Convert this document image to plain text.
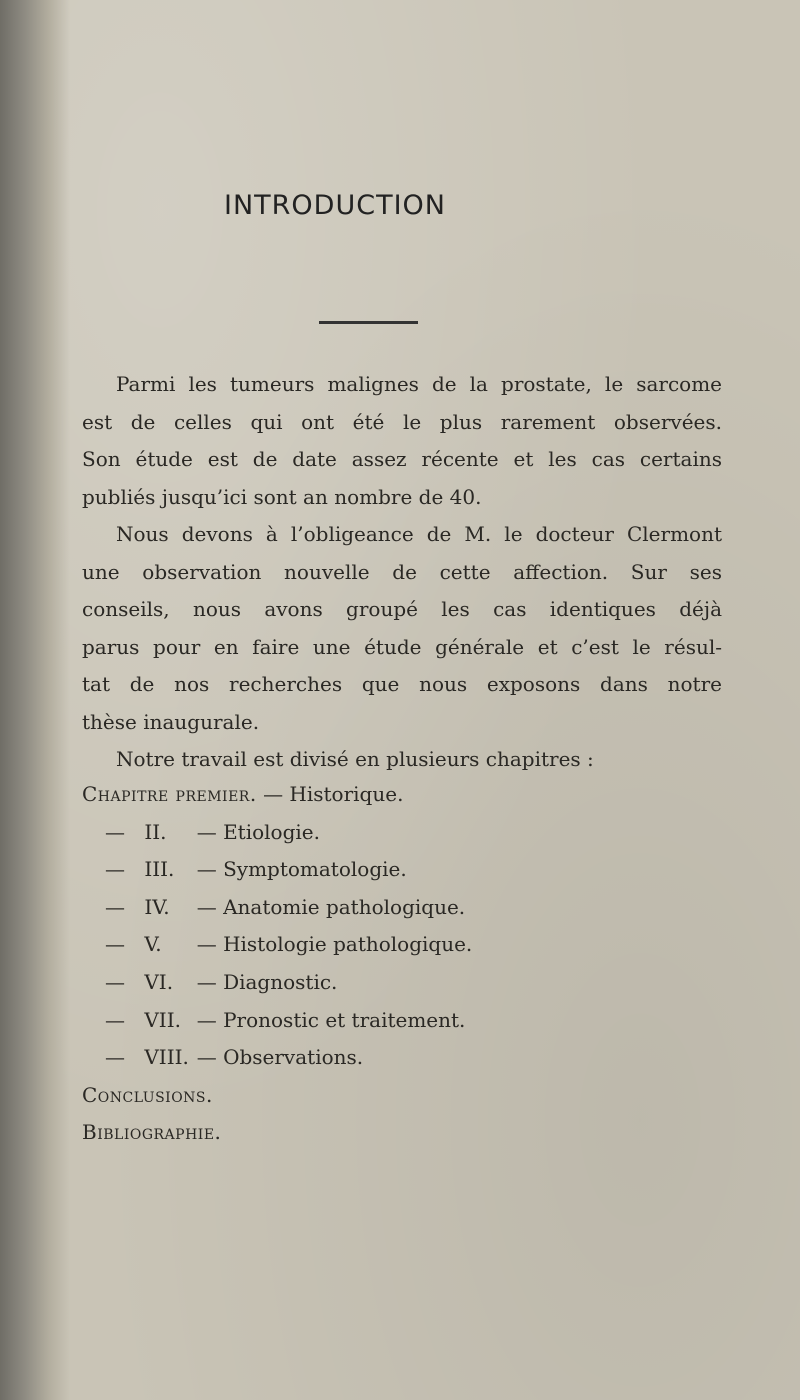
INTRODUCTION
Parmi les tumeurs malignes de la prostate, le sarcome
est de celles qui ont été le plus rarement observées.
Son étude est de date assez récente et les cas certains
publiés jusqu’ici sont an nombre de 40.
Nous devons à l’obligeance de M. le docteur Clermont
une observation nouvelle de cette affection. Sur ses
conseils, nous avons groupé les cas identiques déjà
parus pour en faire une étude générale et c’est le résul-
tat de nos recherches que nous exposons dans notre
thèse inaugurale.
Notre travail est divisé en plusieurs chapitres :
Chapitre premier. — Historique.
— II. — Etiologie.
— III. — Symptomatologie.
— IV. — Anatomie pathologique.
— V. — Histologie pathologique.
— VI. — Diagnostic.
— VII. — Pronostic et traitement.
— VIII. — Observations.
Conclusions.
Bibliographie.
